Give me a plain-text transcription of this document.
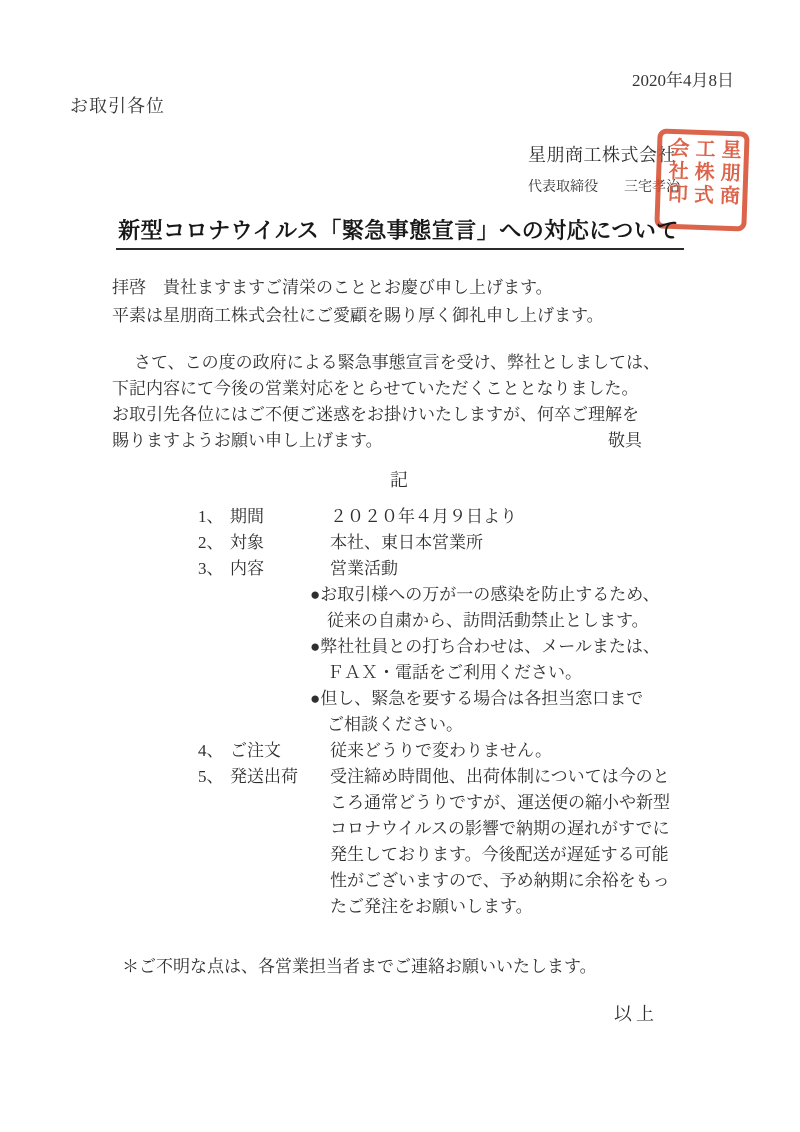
2020年4月8日
お取引各位
星朋商工株式会社
代表取締役 三宅孝治 星朋商
工株式
会社印
新型コロナウイルス「緊急事態宣言」への対応について
拝啓　貴社ますますご清栄のこととお慶び申し上げます。
平素は星朋商工株式会社にご愛顧を賜り厚く御礼申し上げます。
さて、この度の政府による緊急事態宣言を受け、弊社としましては、
下記内容にて今後の営業対応をとらせていただくこととなりました。
お取引先各位にはご不便ご迷惑をお掛けいたしますが、何卒ご理解を
賜りますようお願い申し上げます。	敬具
記
1、 期間	２０２０年４月９日より
2、 対象	本社、東日本営業所
3、 内容	営業活動
●お取引様への万が一の感染を防止するため、
従来の自粛から、訪問活動禁止とします。
●弊社社員との打ち合わせは、メールまたは、
ＦＡＸ・電話をご利用ください。
●但し、緊急を要する場合は各担当窓口まで
ご相談ください。
4、 ご注文	従来どうりで変わりません。
5、 発送出荷	受注締め時間他、出荷体制については今のと
ころ通常どうりですが、運送便の縮小や新型
コロナウイルスの影響で納期の遅れがすでに
発生しております。今後配送が遅延する可能
性がございますので、予め納期に余裕をもっ
たご発注をお願いします。
＊ご不明な点は、各営業担当者までご連絡お願いいたします。
以上
